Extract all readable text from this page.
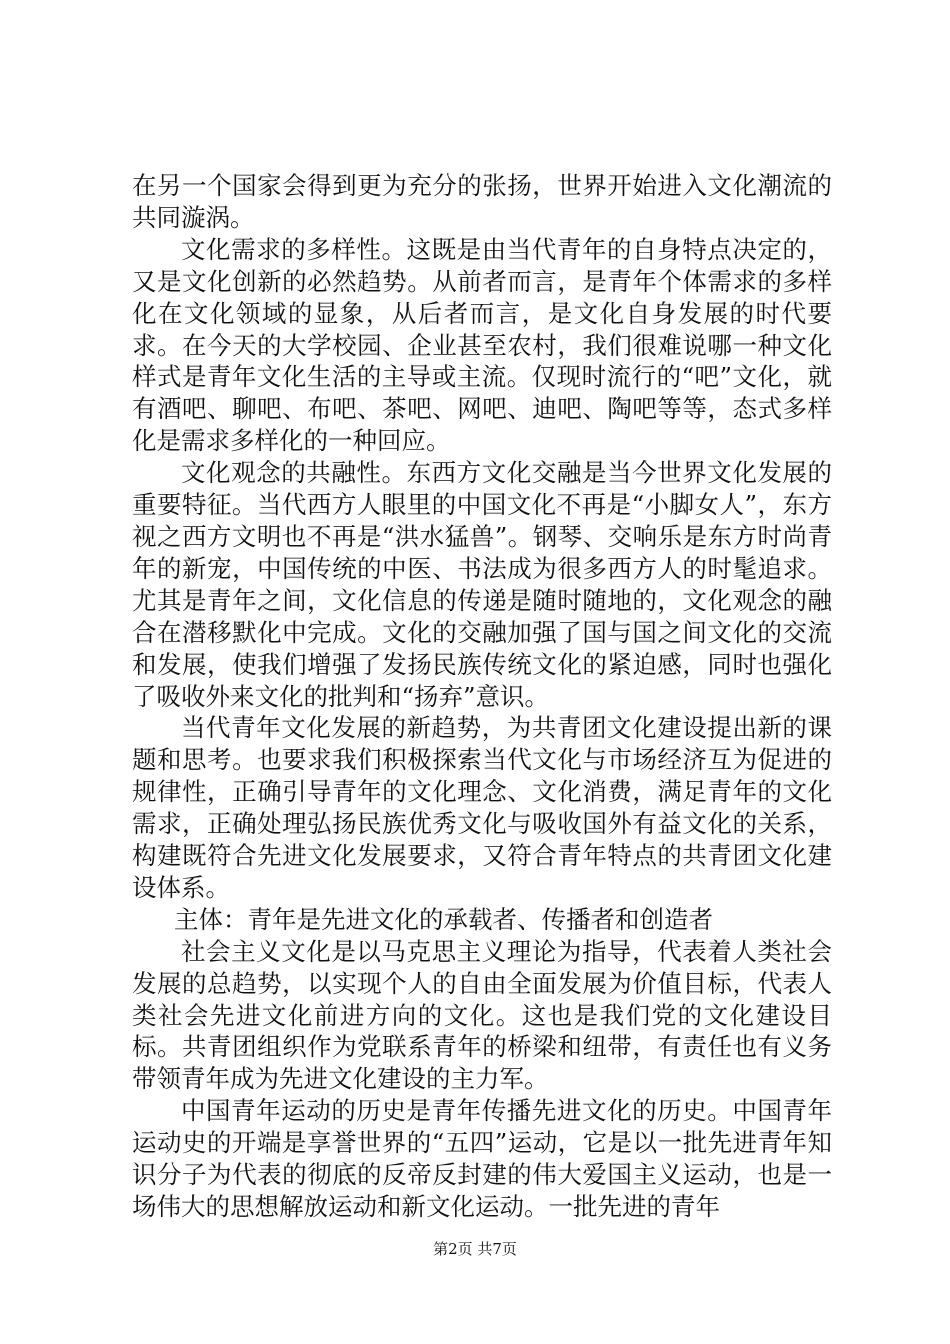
在另一个国家会得到更为充分的张扬，世界开始进入文化潮流的共同漩涡。

文化需求的多样性。这既是由当代青年的自身特点决定的，又是文化创新的必然趋势。从前者而言，是青年个体需求的多样化在文化领域的显象，从后者而言，是文化自身发展的时代要求。在今天的大学校园、企业甚至农村，我们很难说哪一种文化样式是青年文化生活的主导或主流。仅现时流行的“吧”文化，就有酒吧、聊吧、布吧、茶吧、网吧、迪吧、陶吧等等，态式多样化是需求多样化的一种回应。

文化观念的共融性。东西方文化交融是当今世界文化发展的重要特征。当代西方人眼里的中国文化不再是“小脚女人”，东方视之西方文明也不再是“洪水猛兽”。钢琴、交响乐是东方时尚青年的新宠，中国传统的中医、书法成为很多西方人的时髦追求。尤其是青年之间，文化信息的传递是随时随地的，文化观念的融合在潜移默化中完成。文化的交融加强了国与国之间文化的交流和发展，使我们增强了发扬民族传统文化的紧迫感，同时也强化了吸收外来文化的批判和“扬弃”意识。

当代青年文化发展的新趋势，为共青团文化建设提出新的课题和思考。也要求我们积极探索当代文化与市场经济互为促进的规律性，正确引导青年的文化理念、文化消费，满足青年的文化需求，正确处理弘扬民族优秀文化与吸收国外有益文化的关系，构建既符合先进文化发展要求，又符合青年特点的共青团文化建设体系。

主体：青年是先进文化的承载者、传播者和创造者

社会主义文化是以马克思主义理论为指导，代表着人类社会发展的总趋势，以实现个人的自由全面发展为价值目标，代表人类社会先进文化前进方向的文化。这也是我们党的文化建设目标。共青团组织作为党联系青年的桥梁和纽带，有责任也有义务带领青年成为先进文化建设的主力军。

中国青年运动的历史是青年传播先进文化的历史。中国青年运动史的开端是享誉世界的“五四”运动，它是以一批先进青年知识分子为代表的彻底的反帝反封建的伟大爱国主义运动，也是一场伟大的思想解放运动和新文化运动。一批先进的青年

第2页 共7页
